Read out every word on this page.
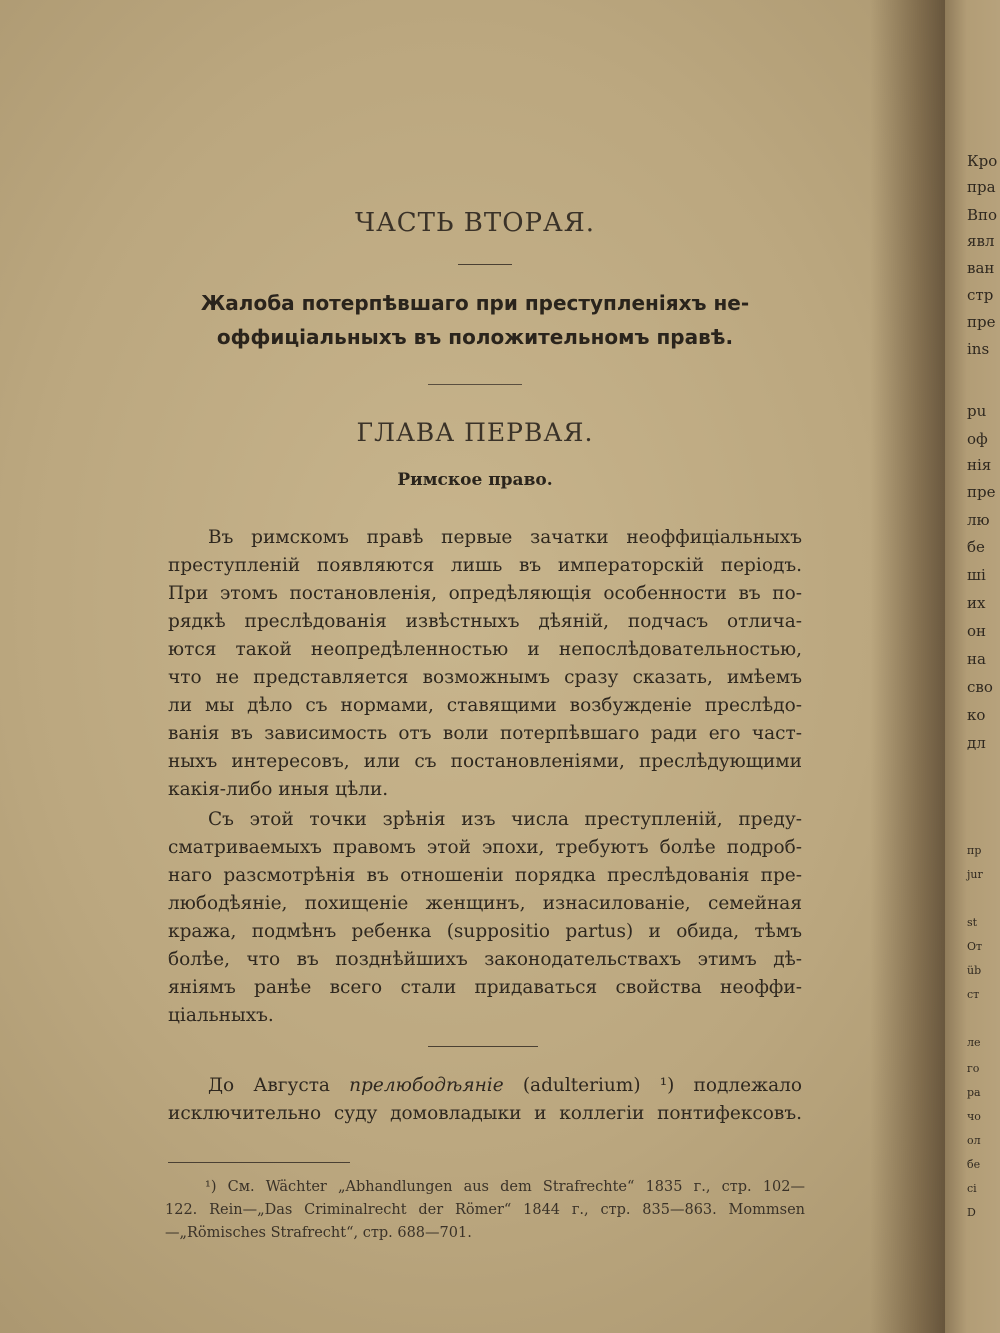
ЧАСТЬ ВТОРАЯ.
Жалоба потерпѣвшаго при преступленіяхъ не-
оффиціальныхъ въ положительномъ правѣ.
ГЛАВА ПЕРВАЯ.
Римское право.
Въ римскомъ правѣ первые зачатки неоффиціальныхъ
преступленій появляются лишь въ императорскій періодъ.
При этомъ постановленія, опредѣляющія особенности въ по-
рядкѣ преслѣдованія извѣстныхъ дѣяній, подчасъ отлича-
ются такой неопредѣленностью и непослѣдовательностью,
что не представляется возможнымъ сразу сказать, имѣемъ
ли мы дѣло съ нормами, ставящими возбужденіе преслѣдо-
ванія въ зависимость отъ воли потерпѣвшаго ради его част-
ныхъ интересовъ, или съ постановленіями, преслѣдующими
какія-либо иныя цѣли.
Съ этой точки зрѣнія изъ числа преступленій, преду-
сматриваемыхъ правомъ этой эпохи, требуютъ болѣе подроб-
наго разсмотрѣнія въ отношеніи порядка преслѣдованія пре-
любодѣяніе, похищеніе женщинъ, изнасилованіе, семейная
кража, подмѣнъ ребенка (suppositio partus) и обида, тѣмъ
болѣе, что въ позднѣйшихъ законодательствахъ этимъ дѣ-
яніямъ ранѣе всего стали придаваться свойства неоффи-
ціальныхъ.
До Августа прелюбодѣяніе (adulterium) ¹) подлежало
исключительно суду домовладыки и коллегіи понтифексовъ.
¹) См. Wächter „Abhandlungen aus dem Strafrechte“ 1835 г., стр. 102—
122. Rein—„Das Criminalrecht der Römer“ 1844 г., стр. 835—863. Mommsen
—„Römisches Strafrecht“, стр. 688—701.
Кро
пра
Впо
явл
ван
стр
пре
ins
pu
оф
нія
пре
лю
бе
ші
их
он
на
сво
ко
дл
пр
jur
st
Oт
üb
ст
ле
го
ра
чо
ол
бе
сі
D
